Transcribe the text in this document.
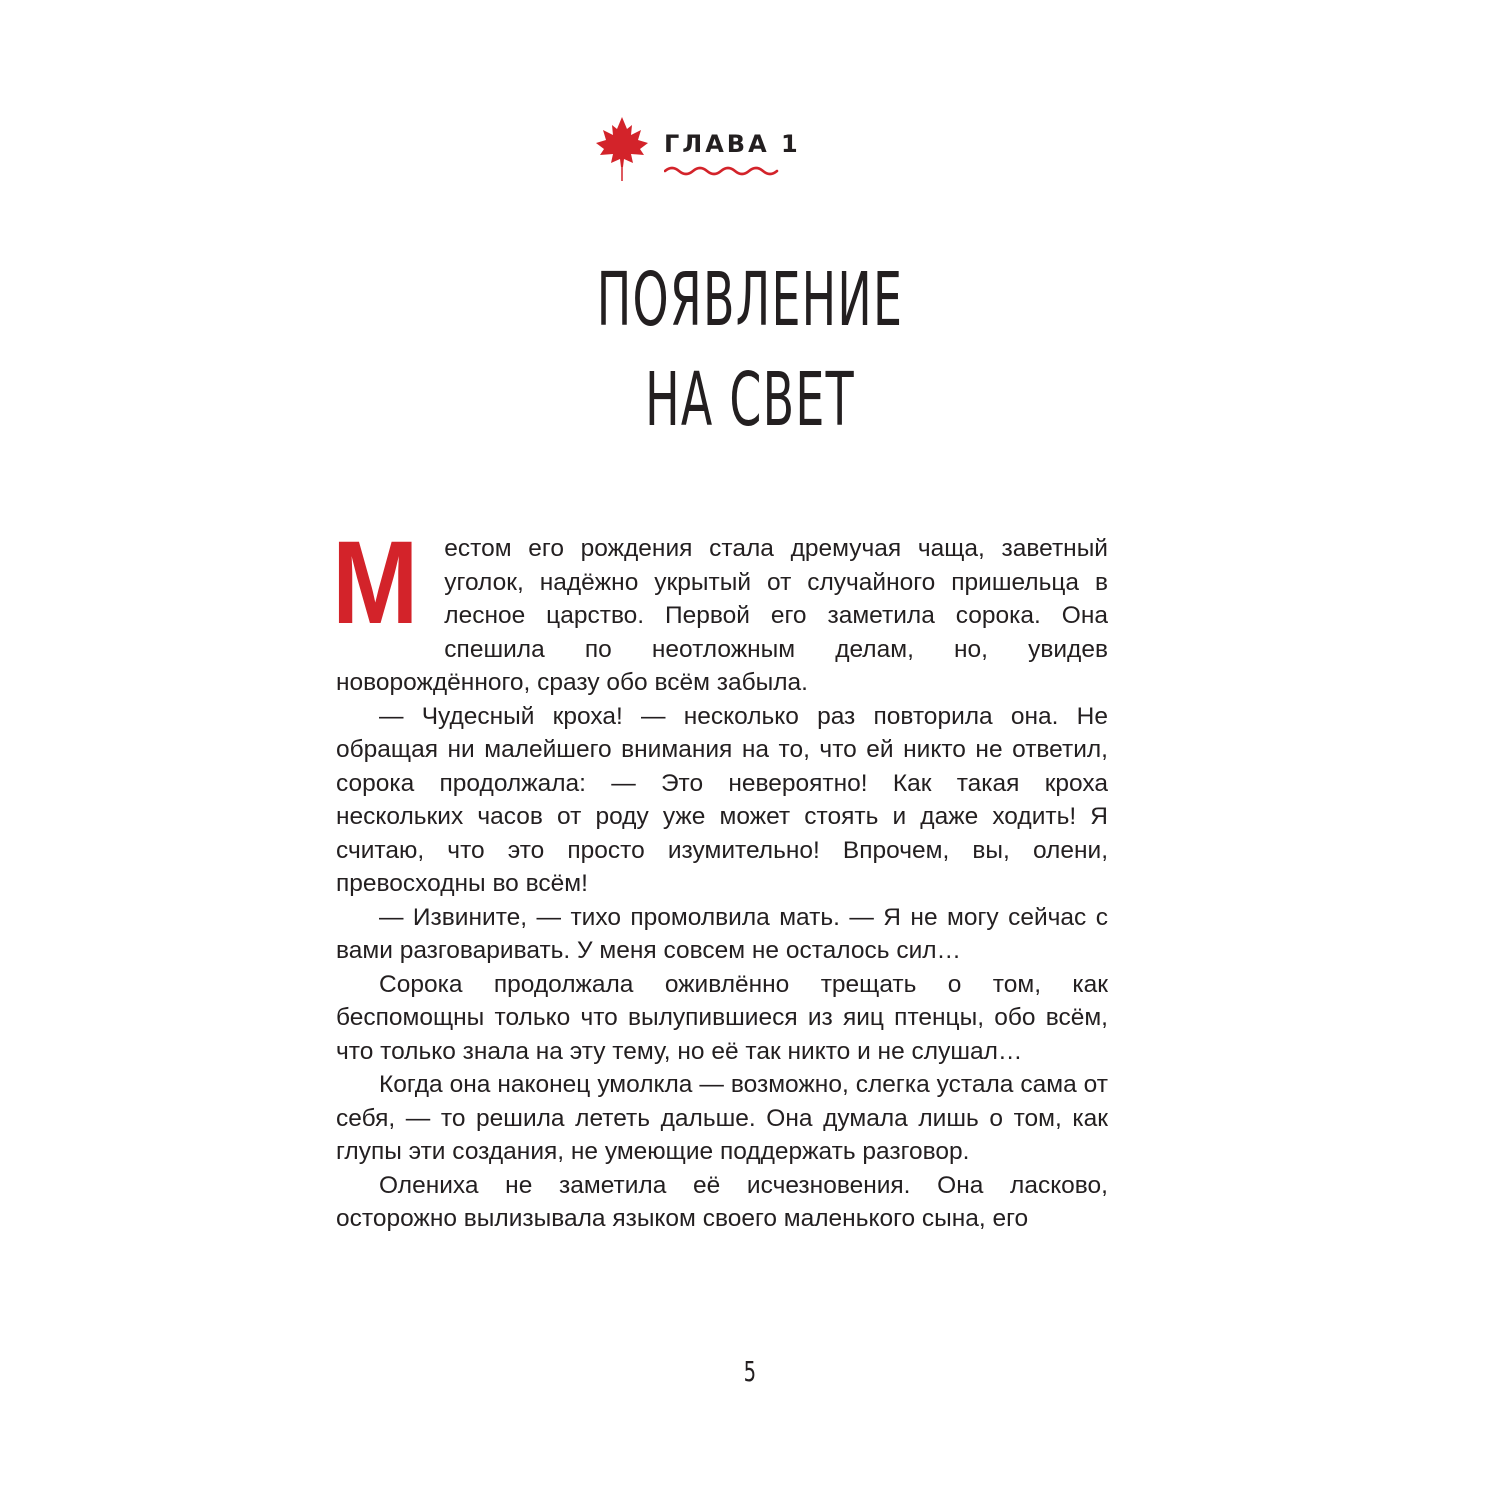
ГЛАВА 1
ПОЯВЛЕНИЕ
НА СВЕТ

М естом его рождения стала дремучая чаща, заветный уголок, надёжно укрытый от случайного пришельца в лесное царство. Первой его заметила сорока. Она спешила по неотложным делам, но, увидев новорождённого, сразу обо всём забыла.

— Чудесный кроха! — несколько раз повторила она. Не обращая ни малейшего внимания на то, что ей никто не ответил, сорока продолжала: — Это невероятно! Как такая кроха нескольких часов от роду уже может стоять и даже ходить! Я считаю, что это просто изумительно! Впрочем, вы, олени, превосходны во всём!

— Извините, — тихо промолвила мать. — Я не могу сейчас с вами разговаривать. У меня совсем не осталось сил…

Сорока продолжала оживлённо трещать о том, как беспомощны только что вылупившиеся из яиц птенцы, обо всём, что только знала на эту тему, но её так никто и не слушал…

Когда она наконец умолкла — возможно, слегка устала сама от себя, — то решила лететь дальше. Она думала лишь о том, как глупы эти создания, не умеющие поддержать разговор.

Олениха не заметила её исчезновения. Она ласково, осторожно вылизывала языком своего маленького сына, его

5
